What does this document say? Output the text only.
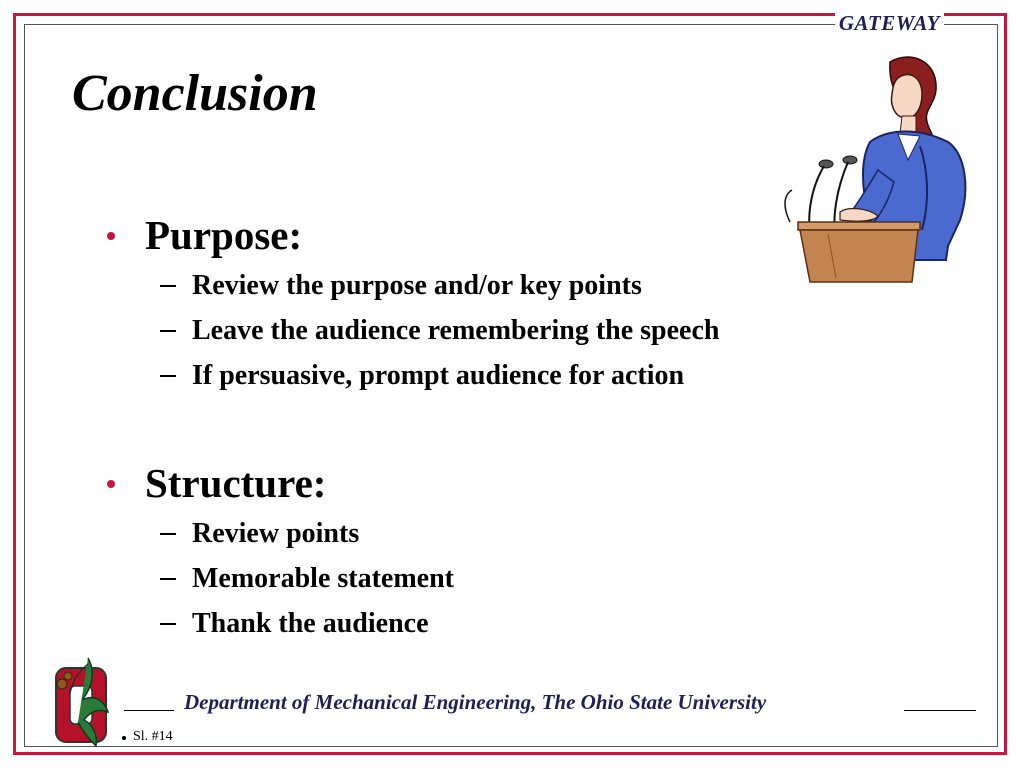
GATEWAY
Conclusion
Purpose:
Review the purpose and/or key points
Leave the audience remembering the speech
If persuasive, prompt audience for action
Structure:
Review points
Memorable statement
Thank the audience
Department of Mechanical Engineering, The Ohio State University
Sl. #14
